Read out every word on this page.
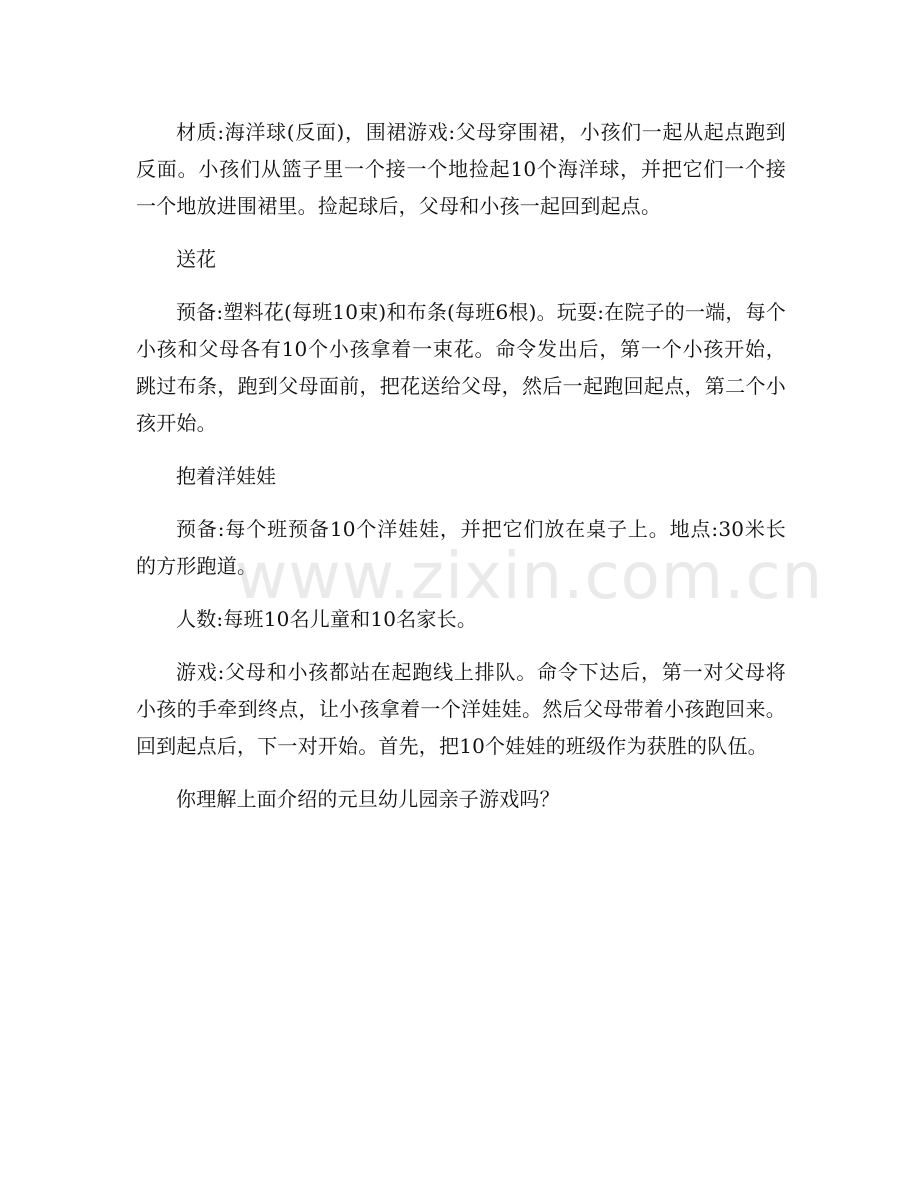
材质:海洋球(反面)，围裙游戏:父母穿围裙，小孩们一起从起点跑到反面。小孩们从篮子里一个接一个地捡起10个海洋球，并把它们一个接一个地放进围裙里。捡起球后，父母和小孩一起回到起点。

送花

预备:塑料花(每班10束)和布条(每班6根)。玩耍:在院子的一端，每个小孩和父母各有10个小孩拿着一束花。命令发出后，第一个小孩开始，跳过布条，跑到父母面前，把花送给父母，然后一起跑回起点，第二个小孩开始。

抱着洋娃娃

预备:每个班预备10个洋娃娃，并把它们放在桌子上。地点:30米长的方形跑道。

人数:每班10名儿童和10名家长。

游戏:父母和小孩都站在起跑线上排队。命令下达后，第一对父母将小孩的手牵到终点，让小孩拿着一个洋娃娃。然后父母带着小孩跑回来。回到起点后，下一对开始。首先，把10个娃娃的班级作为获胜的队伍。

你理解上面介绍的元旦幼儿园亲子游戏吗？

www.zixin.com.cn
